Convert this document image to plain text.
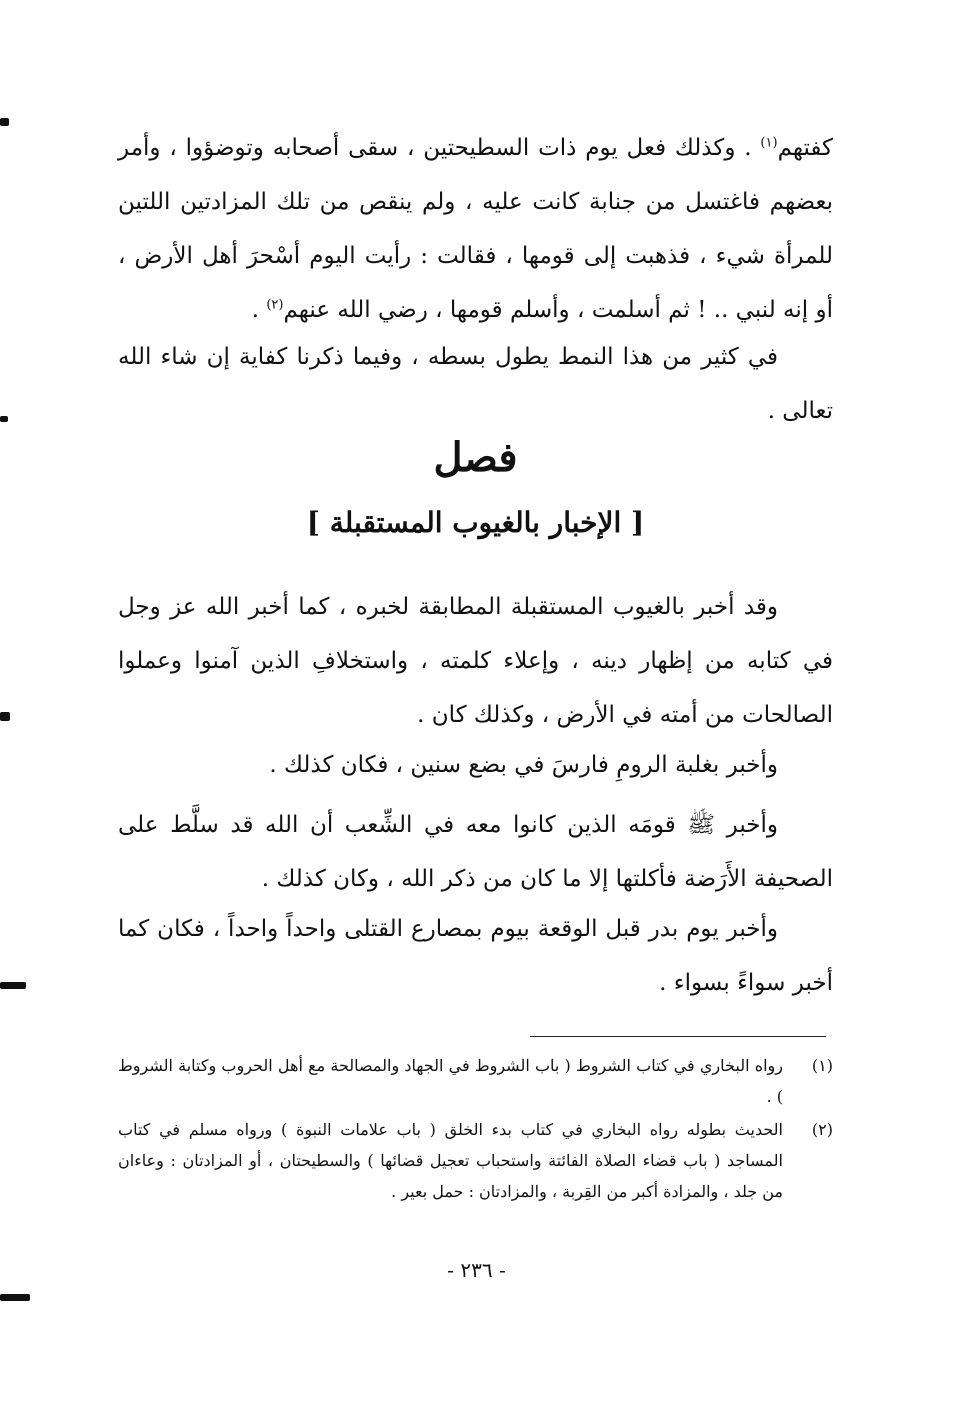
كفتهم$^{(١)}$ . وكذلك فعل يوم ذات السطيحتين ، سقى أصحابه وتوضؤوا ، وأمر بعضهم فاغتسل من جنابة كانت عليه ، ولم ينقص من تلك المزادتين اللتين للمرأة شيء ، فذهبت إلى قومها ، فقالت : رأيت اليوم أسْحرَ أهل الأرض ، أو إنه لنبي .. ! ثم أسلمت ، وأسلم قومها ، رضي الله عنهم$^{(٢)}$ .

في كثير من هذا النمط يطول بسطه ، وفيما ذكرنا كفاية إن شاء الله تعالى .

فصل
[ الإخبار بالغيوب المستقبلة ]

وقد أخبر بالغيوب المستقبلة المطابقة لخبره ، كما أخبر الله عز وجل في كتابه من إظهار دينه ، وإعلاء كلمته ، واستخلافِ الذين آمنوا وعملوا الصالحات من أمته في الأرض ، وكذلك كان .

وأخبر بغلبة الرومِ فارسَ في بضع سنين ، فكان كذلك .

وأخبر ﷺ قومَه الذين كانوا معه في الشِّعب أن الله قد سلَّط على الصحيفة الأَرَضة فأكلتها إلا ما كان من ذكر الله ، وكان كذلك .

وأخبر يوم بدر قبل الوقعة بيوم بمصارع القتلى واحداً واحداً ، فكان كما أخبر سواءً بسواء .

(١)
رواه البخاري في كتاب الشروط ( باب الشروط في الجهاد والمصالحة مع أهل الحروب وكتابة الشروط ) .
(٢)
الحديث بطوله رواه البخاري في كتاب بدء الخلق ( باب علامات النبوة ) ورواه مسلم في كتاب المساجد ( باب قضاء الصلاة الفائتة واستحباب تعجيل قضائها ) والسطيحتان ، أو المزادتان : وعاءان من جلد ، والمزادة أكبر من القِربة ، والمزادتان : حمل بعير .
- ٢٣٦ -
